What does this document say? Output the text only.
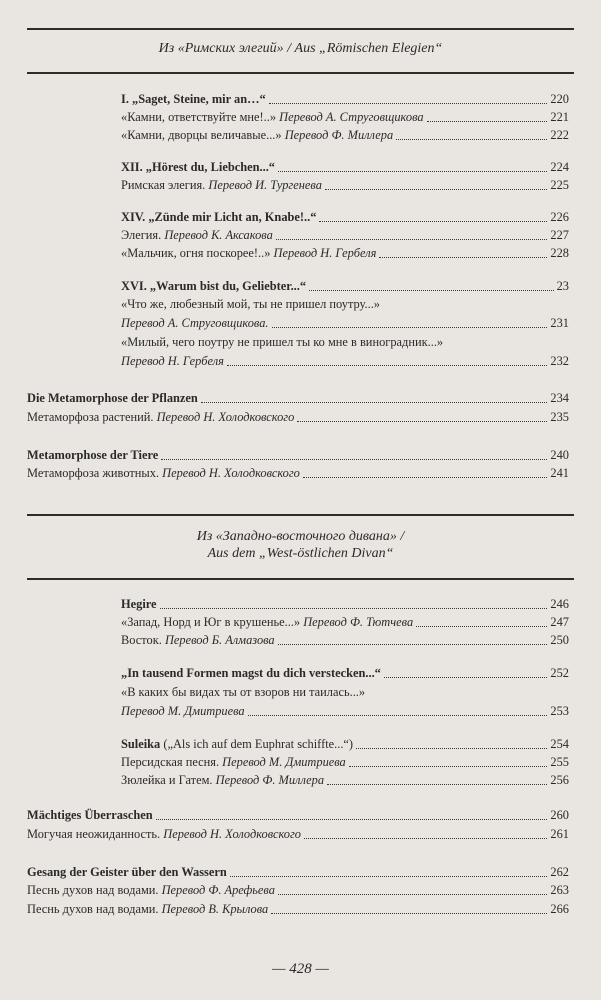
Из «Римских элегий» / Aus „Römischen Elegien“
I. „Saget, Steine, mir an…“	220
«Камни, ответствуйте мне!..» Перевод А. Струговщикова	221
«Камни, дворцы величавые...» Перевод Ф. Миллера	222
XII. „Hörest du, Liebchen...“	224
Римская элегия. Перевод И. Тургенева	225
XIV. „Zünde mir Licht an, Knabe!..“	226
Элегия. Перевод К. Аксакова	227
«Мальчик, огня поскорее!..» Перевод Н. Гербеля	228
XVI. „Warum bist du, Geliebter...“	23
«Что же, любезный мой, ты не пришел поутру...»
Перевод А. Струговщикова.	231
«Милый, чего поутру не пришел ты ко мне в виноградник...»
Перевод Н. Гербеля	232
Die Metamorphose der Pflanzen	234
Метаморфоза растений. Перевод Н. Холодковского	235
Metamorphose der Tiere	240
Метаморфоза животных. Перевод Н. Холодковского	241
Из «Западно-восточного дивана» /
Aus dem „West-östlichen Divan“
Hegire	246
«Запад, Норд и Юг в крушенье...» Перевод Ф. Тютчева	247
Восток. Перевод Б. Алмазова	250
„In tausend Formen magst du dich verstecken...“	252
«В каких бы видах ты от взоров ни таилась...»
Перевод М. Дмитриева	253
Suleika („Als ich auf dem Euphrat schiffte...“)	254
Персидская песня. Перевод М. Дмитриева	255
Зюлейка и Гатем. Перевод Ф. Миллера	256
Mächtiges Überraschen	260
Могучая неожиданность. Перевод Н. Холодковского	261
Gesang der Geister über den Wassern	262
Песнь духов над водами. Перевод Ф. Арефьева	263
Песнь духов над водами. Перевод В. Крылова	266
— 428 —
